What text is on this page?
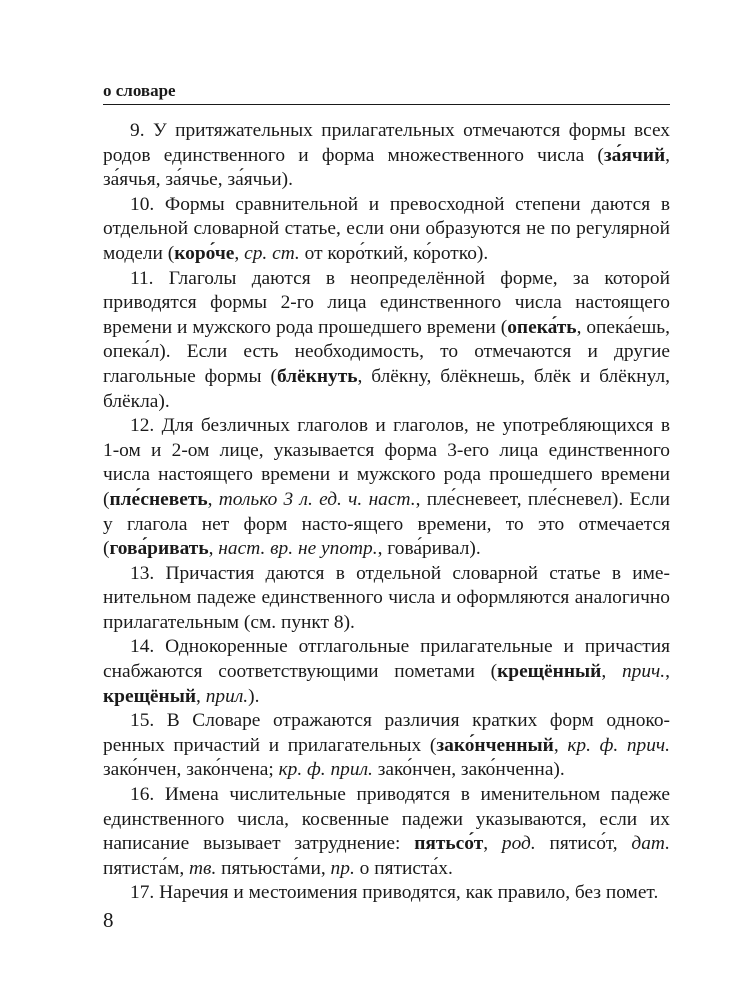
о словаре

9. У притяжательных прилагательных отмечаются формы всех родов единственного и форма множественного числа (за́ячий, за́ячья, за́ячье, за́ячьи).

10. Формы сравнительной и превосходной степени даются в отдельной словарной статье, если они образуются не по регулярной модели (коро́че, ср. ст. от коро́ткий, ко́ротко).

11. Глаголы даются в неопределённой форме, за которой приводятся формы 2-го лица единственного числа настоящего времени и мужского рода прошедшего времени (опека́ть, опека́ешь, опека́л). Если есть необходимость, то отмечаются и другие глагольные формы (блёкнуть, блёкну, блёкнешь, блёк и блёкнул, блёкла).

12. Для безличных глаголов и глаголов, не употребляющихся в 1-ом и 2-ом лице, указывается форма 3-его лица единственного числа настоящего времени и мужского рода прошедшего времени (пле́сневеть, только 3 л. ед. ч. наст., пле́сневеет, пле́сневел). Если у глагола нет форм насто-ящего времени, то это отмечается (гова́ривать, наст. вр. не употр., гова́ривал).

13. Причастия даются в отдельной словарной статье в именительном падеже единственного числа и оформляются аналогично прилагательным (см. пункт 8).

14. Однокоренные отглагольные прилагательные и причастия снабжаются соответствующими пометами (крещённый, прич., крещёный, прил.).

15. В Словаре отражаются различия кратких форм однокоренных причастий и прилагательных (зако́нченный, кр. ф. прич. зако́нчен, зако́нчена; кр. ф. прил. зако́нчен, зако́нченна).

16. Имена числительные приводятся в именительном падеже единственного числа, косвенные падежи указываются, если их написание вызывает затруднение: пятьсо́т, род. пятисо́т, дат. пятиста́м, тв. пятьюста́ми, пр. о пятиста́х.

17. Наречия и местоимения приводятся, как правило, без помет.

8
